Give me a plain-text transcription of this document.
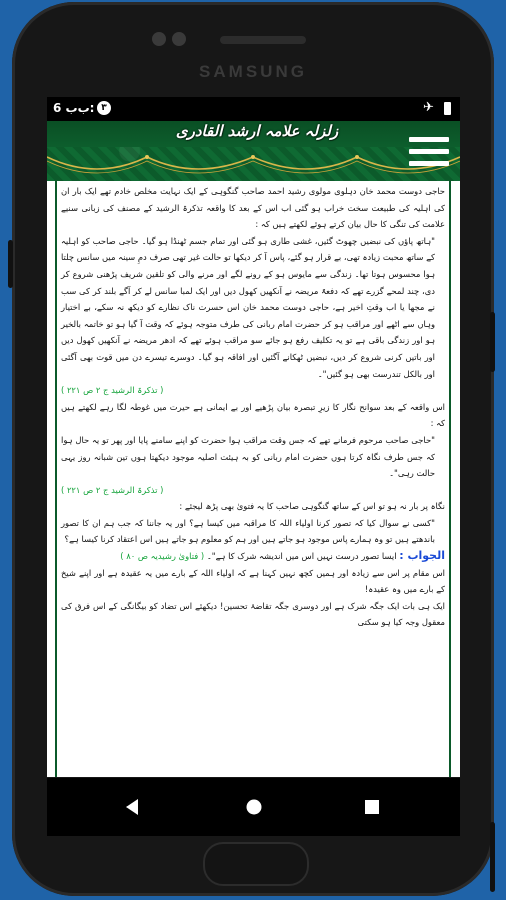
SAMSUNG
ب‌ب 6: ٣	✈
زلزلہ علامہ ارشد القادری

حاجی دوست محمد خان دہلوی مولوی رشید احمد صاحب گنگوہی کے ایک نہایت مخلص خادم تھے ایک بار ان کی اہلیہ کی طبیعت سخت خراب ہو گئی اب اس کے بعد کا واقعہ تذکرۃ الرشید کے مصنف کی زبانی سنیے علامت کی تنگی کا حال بیان کرتے ہوئے لکھتے ہیں کہ :

"ہاتھ پاؤں کی نبضیں چھوٹ گئیں، غشی طاری ہو گئی اور تمام جسم ٹھنڈا ہو گیا۔ حاجی صاحب کو اہلیہ کے ساتھ محبت زیادہ تھی، بے قرار ہو گئے، پاس آ کر دیکھا تو حالت غیر تھی صرف دمِ سینہ میں سانس چلتا ہوا محسوس ہوتا تھا۔ زندگی سے مایوس ہو کے رونے لگے اور مرنے والی کو تلقین شریف پڑھنی شروع کر دی، چند لمحے گزرے تھے کہ دفعۃً مریضہ نے آنکھیں کھول دیں اور ایک لمبا سانس لے کر آگے بلند کر کی سب نے مجھا یا اب وقتِ اخیر ہے، حاجی دوست محمد خان اس حسرت ناک نظارے کو دیکھ نہ سکے، بے اختیار وہاں سے اٹھے اور مراقب ہو کر حضرت امام ربانی کی طرف متوجہ ہوئے کہ وقت آ گیا ہو تو خاتمہ بالخیر ہو اور زندگی باقی ہے تو یہ تکلیف رفع ہو جائے سو مراقب ہوئے تھے کہ ادھر مریضہ نے آنکھیں کھول دیں اور باتیں کرنی شروع کر دیں، نبضیں ٹھکانے آگئیں اور افاقہ ہو گیا۔ دوسرے تیسرے دن میں قوت بھی آگئی اور بالکل تندرست بھی ہو گئیں"۔

( تذکرۃ الرشید ج ۲ ص ۲۲۱ )

اس واقعہ کے بعد سوانح نگار کا زیرِ تبصرہ بیان پڑھیے اور بے ایمانی ہے حیرت میں غوطہ لگا رہے لکھتے ہیں کہ :

"حاجی صاحب مرحوم فرمانے تھے کہ جس وقت مراقب ہوا حضرت کو اپنے سامنے پایا اور پھر تو یہ حال ہوا کہ جس طرف نگاہ کرتا ہوں حضرت امام ربانی کو بہ ہیئت اصلیہ موجود دیکھتا ہوں تین شبانہ روز یہی حالت رہی"۔

( تذکرۃ الرشید ج ۲ ص ۲۲۱ )

نگاہ پر بار نہ ہو تو اس کے ساتھ گنگوہی صاحب کا یہ فتویٰ بھی پڑھ لیجئے :

"کسی نے سوال کیا کہ تصور کرنا اولیاء اللہ کا مراقبہ میں کیسا ہے؟ اور یہ جاننا کہ جب ہم ان کا تصور باندھتے ہیں تو وہ ہمارے پاس موجود ہو جاتے ہیں اور ہم کو معلوم ہو جاتے ہیں اس اعتقاد کرنا کیسا ہے؟

الجواب : ایسا تصور درست نہیں اس میں اندیشہ شرک کا ہے"۔ ( فتاویٰ رشیدیہ ص ۸۰ )

اس مقام پر اس سے زیادہ اور ہمیں کچھ نہیں کہنا ہے کہ اولیاء اللہ کے بارے میں یہ عقیدہ ہے اور اپنے شیخ کے بارے میں وہ عقیدہ!

ایک ہی بات ایک جگہ شرک ہے اور دوسری جگہ تقاضۂ تحسین! دیکھئے اس تضاد کو بیگانگی کے اس فرق کی معقول وجہ کیا ہو سکتی
